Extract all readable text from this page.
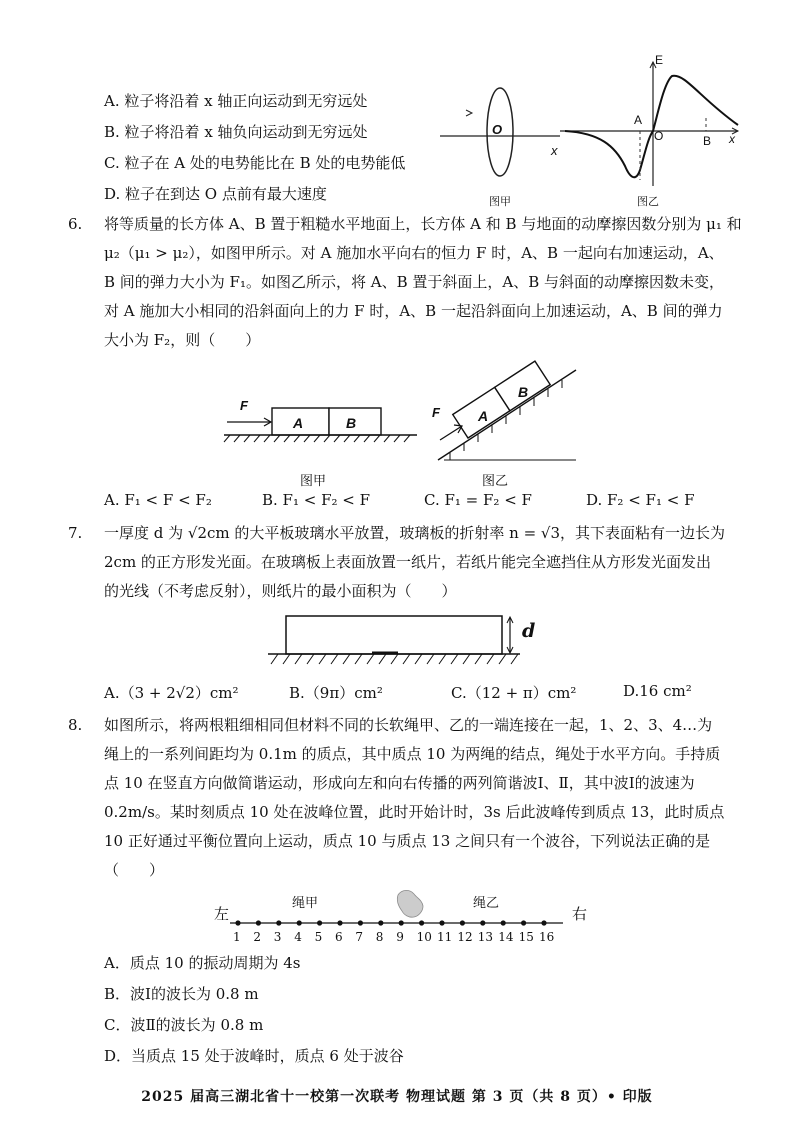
A. 粒子将沿着 x 轴正向运动到无穷远处
B. 粒子将沿着 x 轴负向运动到无穷远处
C. 粒子在 A 处的电势能比在 B 处的电势能低
D. 粒子在到达 O 点前有最大速度
O
x
图甲
E
A
O	B x
图乙
6. 将等质量的长方体 A、B 置于粗糙水平地面上，长方体 A 和 B 与地面的动摩擦因数分别为 μ₁ 和
μ₂（μ₁ > μ₂），如图甲所示。对 A 施加水平向右的恒力 F 时，A、B 一起向右加速运动，A、
B 间的弹力大小为 F₁。如图乙所示，将 A、B 置于斜面上，A、B 与斜面的动摩擦因数未变，
对 A 施加大小相同的沿斜面向上的力 F 时，A、B 一起沿斜面向上加速运动，A、B 间的弹力
大小为 F₂，则（　　）
F
A	B
图甲
F	A
B
图乙
A. F₁ < F < F₂	B. F₁ < F₂ < F	C. F₁ = F₂ < F	D. F₂ < F₁ < F
7. 一厚度 d 为 √2cm 的大平板玻璃水平放置，玻璃板的折射率 n = √3，其下表面粘有一边长为
2cm 的正方形发光面。在玻璃板上表面放置一纸片，若纸片能完全遮挡住从方形发光面发出
的光线（不考虑反射），则纸片的最小面积为（　　）
d
A.（3 + 2√2）cm²	B.（9π）cm²	C.（12 + π）cm²	D.16 cm²
8. 如图所示，将两根粗细相同但材料不同的长软绳甲、乙的一端连接在一起，1、2、3、4…为
绳上的一系列间距均为 0.1m 的质点，其中质点 10 为两绳的结点，绳处于水平方向。手持质
点 10 在竖直方向做简谐运动，形成向左和向右传播的两列简谐波Ⅰ、Ⅱ，其中波Ⅰ的波速为
0.2m/s。某时刻质点 10 处在波峰位置，此时开始计时，3s 后此波峰传到质点 13，此时质点
10 正好通过平衡位置向上运动，质点 10 与质点 13 之间只有一个波谷，下列说法正确的是
（　　）
左	右
绳甲	绳乙
1 2 3 4 5 6 7 8 9 10 11 12 13 14 15 16
A．质点 10 的振动周期为 4s
B．波Ⅰ的波长为 0.8 m
C．波Ⅱ的波长为 0.8 m
D．当质点 15 处于波峰时，质点 6 处于波谷
2025 届高三湖北省十一校第一次联考 物理试题 第 3 页（共 8 页）• 印版
